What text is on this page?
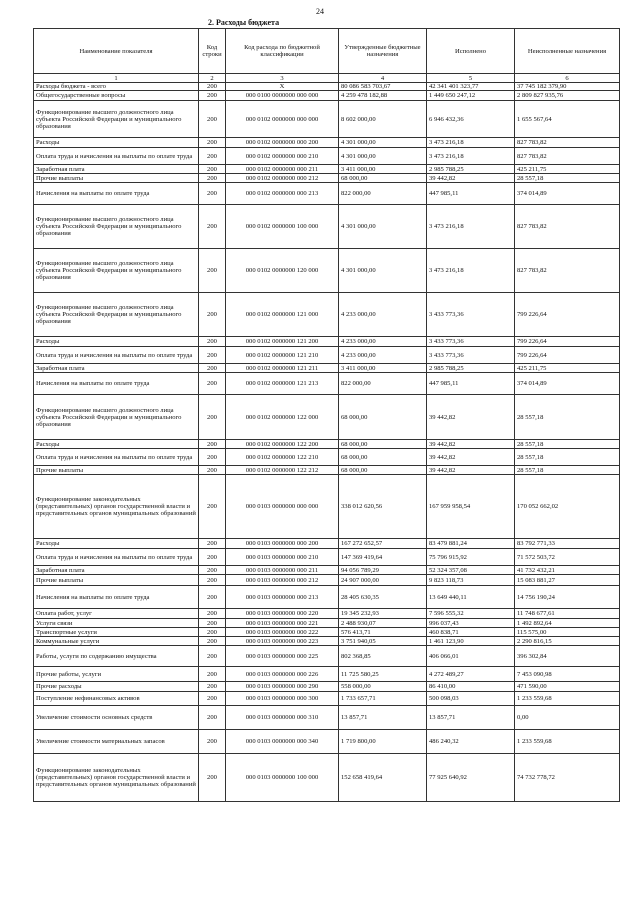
24
2. Расходы бюджета
Наименование показателя	Код строки	Код расхода по бюджетной классификации	Утвержденные бюджетные назначения	Исполнено	Неисполненные назначения
1	2	3	4	5	6
Расходы бюджета - всего	200	X	80 086 583 703,67	42 341 401 323,77	37 745 182 379,90
Общегосударственные вопросы	200	000 0100 0000000 000 000	4 259 478 182,88	1 449 650 247,12	2 809 827 935,76
Функционирование высшего должностного лица субъекта Российской Федерации и муниципального образования	200	000 0102 0000000 000 000	8 602 000,00	6 946 432,36	1 655 567,64
Расходы	200	000 0102 0000000 000 200	4 301 000,00	3 473 216,18	827 783,82
Оплата труда и начисления на выплаты по оплате труда	200	000 0102 0000000 000 210	4 301 000,00	3 473 216,18	827 783,82
Заработная плата	200	000 0102 0000000 000 211	3 411 000,00	2 985 788,25	425 211,75
Прочие выплаты	200	000 0102 0000000 000 212	68 000,00	39 442,82	28 557,18
Начисления на выплаты по оплате труда	200	000 0102 0000000 000 213	822 000,00	447 985,11	374 014,89
Функционирование высшего должностного лица субъекта Российской Федерации и муниципального образования	200	000 0102 0000000 100 000	4 301 000,00	3 473 216,18	827 783,82
Функционирование высшего должностного лица субъекта Российской Федерации и муниципального образования	200	000 0102 0000000 120 000	4 301 000,00	3 473 216,18	827 783,82
Функционирование высшего должностного лица субъекта Российской Федерации и муниципального образования	200	000 0102 0000000 121 000	4 233 000,00	3 433 773,36	799 226,64
Расходы	200	000 0102 0000000 121 200	4 233 000,00	3 433 773,36	799 226,64
Оплата труда и начисления на выплаты по оплате труда	200	000 0102 0000000 121 210	4 233 000,00	3 433 773,36	799 226,64
Заработная плата	200	000 0102 0000000 121 211	3 411 000,00	2 985 788,25	425 211,75
Начисления на выплаты по оплате труда	200	000 0102 0000000 121 213	822 000,00	447 985,11	374 014,89
Функционирование высшего должностного лица субъекта Российской Федерации и муниципального образования	200	000 0102 0000000 122 000	68 000,00	39 442,82	28 557,18
Расходы	200	000 0102 0000000 122 200	68 000,00	39 442,82	28 557,18
Оплата труда и начисления на выплаты по оплате труда	200	000 0102 0000000 122 210	68 000,00	39 442,82	28 557,18
Прочие выплаты	200	000 0102 0000000 122 212	68 000,00	39 442,82	28 557,18
Функционирование законодательных (представительных) органов государственной власти и представительных органов муниципальных образований	200	000 0103 0000000 000 000	338 012 620,56	167 959 958,54	170 052 662,02
Расходы	200	000 0103 0000000 000 200	167 272 652,57	83 479 881,24	83 792 771,33
Оплата труда и начисления на выплаты по оплате труда	200	000 0103 0000000 000 210	147 369 419,64	75 796 915,92	71 572 503,72
Заработная плата	200	000 0103 0000000 000 211	94 056 789,29	52 324 357,08	41 732 432,21
Прочие выплаты	200	000 0103 0000000 000 212	24 907 000,00	9 823 118,73	15 083 881,27
Начисления на выплаты по оплате труда	200	000 0103 0000000 000 213	28 405 630,35	13 649 440,11	14 756 190,24
Оплата работ, услуг	200	000 0103 0000000 000 220	19 345 232,93	7 596 555,32	11 748 677,61
Услуги связи	200	000 0103 0000000 000 221	2 488 930,07	996 037,43	1 492 892,64
Транспортные услуги	200	000 0103 0000000 000 222	576 413,71	460 838,71	115 575,00
Коммунальные услуги	200	000 0103 0000000 000 223	3 751 940,05	1 461 123,90	2 290 816,15
Работы, услуги по содержанию имущества	200	000 0103 0000000 000 225	802 368,85	406 066,01	396 302,84
Прочие работы, услуги	200	000 0103 0000000 000 226	11 725 580,25	4 272 489,27	7 453 090,98
Прочие расходы	200	000 0103 0000000 000 290	558 000,00	86 410,00	471 590,00
Поступление нефинансовых активов	200	000 0103 0000000 000 300	1 733 657,71	500 098,03	1 233 559,68
Увеличение стоимости основных средств	200	000 0103 0000000 000 310	13 857,71	13 857,71	0,00
Увеличение стоимости материальных запасов	200	000 0103 0000000 000 340	1 719 800,00	486 240,32	1 233 559,68
Функционирование законодательных (представительных) органов государственной власти и представительных органов муниципальных образований	200	000 0103 0000000 100 000	152 658 419,64	77 925 640,92	74 732 778,72
